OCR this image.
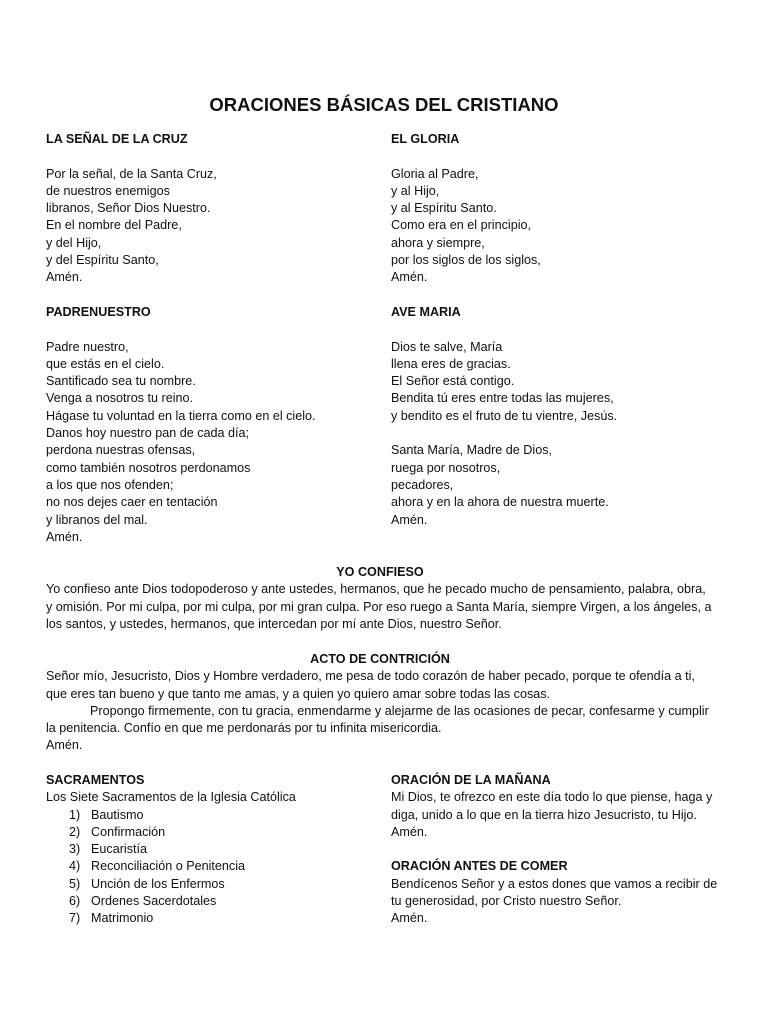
ORACIONES BÁSICAS DEL CRISTIANO

LA SEÑAL DE LA CRUZ

Por la señal, de la Santa Cruz,
de nuestros enemigos
libranos, Señor Dios Nuestro.
En el nombre del Padre,
y del Hijo,
y del Espíritu Santo,
Amén.

EL GLORIA

Gloria al Padre,
y al Hijo,
y al Espíritu Santo.
Como era en el principio,
ahora y siempre,
por los siglos de los siglos,
Amén.

PADRENUESTRO

Padre nuestro,
que estás en el cielo.
Santificado sea tu nombre.
Venga a nosotros tu reino.
Hágase tu voluntad en la tierra como en el cielo.
Danos hoy nuestro pan de cada día;
perdona nuestras ofensas,
como también nosotros perdonamos
a los que nos ofenden;
no nos dejes caer en tentación
y libranos del mal.
Amén.

AVE MARIA

Dios te salve, María
llena eres de gracias.
El Señor está contigo.
Bendita tú eres entre todas las mujeres,
y bendito es el fruto de tu vientre, Jesús.
Santa María, Madre de Dios,
ruega por nosotros,
pecadores,
ahora y en la ahora de nuestra muerte.
Amén.

YO CONFIESO

Yo confieso ante Dios todopoderoso y ante ustedes, hermanos, que he pecado mucho de pensamiento, palabra, obra, y omisión. Por mi culpa, por mi culpa, por mi gran culpa. Por eso ruego a Santa María, siempre Virgen, a los ángeles, a los santos, y ustedes, hermanos, que intercedan por mí ante Dios, nuestro Señor.

ACTO DE CONTRICIÓN

Señor mío, Jesucristo, Dios y Hombre verdadero, me pesa de todo corazón de haber pecado, porque te ofendía a ti, que eres tan bueno y que tanto me amas, y a quien yo quiero amar sobre todas las cosas.

Propongo firmemente, con tu gracia, enmendarme y alejarme de las ocasiones de pecar, confesarme y cumplir la penitencia. Confío en que me perdonarás por tu infinita misericordia.

Amén.

SACRAMENTOS

Los Siete Sacramentos de la Iglesia Católica

1) Bautismo
2) Confirmación
3) Eucaristía
4) Reconciliación o Penitencia
5) Unción de los Enfermos
6) Ordenes Sacerdotales
7) Matrimonio

ORACIÓN DE LA MAÑANA

Mi Dios, te ofrezco en este día todo lo que piense, haga y
diga, unido a lo que en la tierra hizo Jesucristo, tu Hijo.
Amén.

ORACIÓN ANTES DE COMER

Bendícenos Señor y a estos dones que vamos a recibir de
tu generosidad, por Cristo nuestro Señor.
Amén.
